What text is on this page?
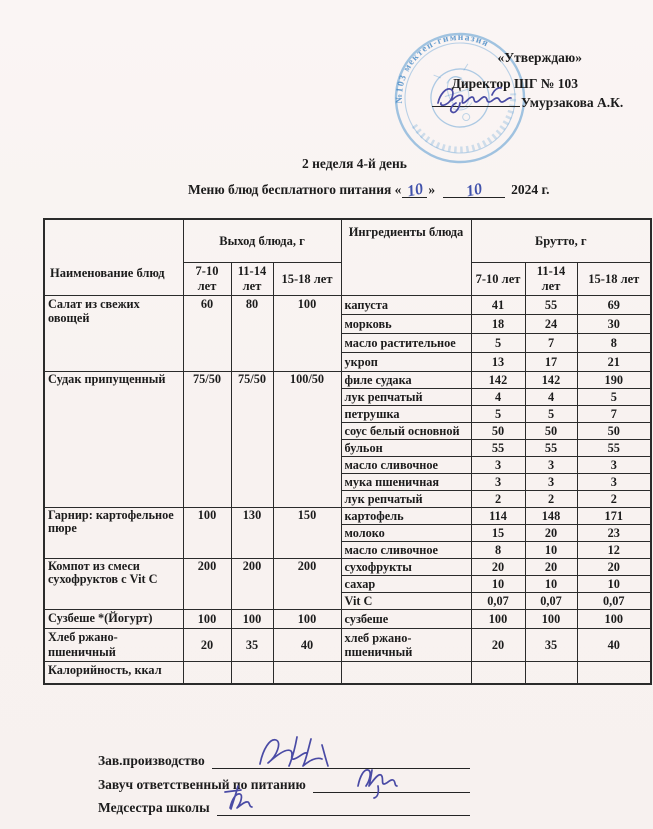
№103 мектеп-гимназия
«Утверждаю»
Директор ШГ № 103
Умурзакова А.К.
2 неделя 4-й день
Меню блюд бесплатного питания « 10 » 10 2024 г.
Наименование блюд	Выход блюда, г			Ингредиенты блюда	Брутто, г		
	7-10 лет	11-14 лет	15-18 лет		7-10 лет	11-14 лет	15-18 лет
Салат из свежих овощей	60	80	100	капуста	41	55	69
				морковь	18	24	30
				масло растительное	5	7	8
				укроп	13	17	21
Судак припущенный	75/50	75/50	100/50	филе судака	142	142	190
				лук репчатый	4	4	5
				петрушка	5	5	7
				соус белый основной	50	50	50
				бульон	55	55	55
				масло сливочное	3	3	3
				мука пшеничная	3	3	3
				лук репчатый	2	2	2
Гарнир: картофельное пюре	100	130	150	картофель	114	148	171
				молоко	15	20	23
				масло сливочное	8	10	12
Компот из смеси сухофруктов с Vit C	200	200	200	сухофрукты	20	20	20
				сахар	10	10	10
				Vit C	0,07	0,07	0,07
Сузбеше *(Йогурт)	100	100	100	сузбеше	100	100	100
Хлеб ржано-пшеничный	20	35	40	хлеб ржано-пшеничный	20	35	40
Калорийность, ккал							
Зав.производство
Завуч ответственный по питанию
Медсестра школы
